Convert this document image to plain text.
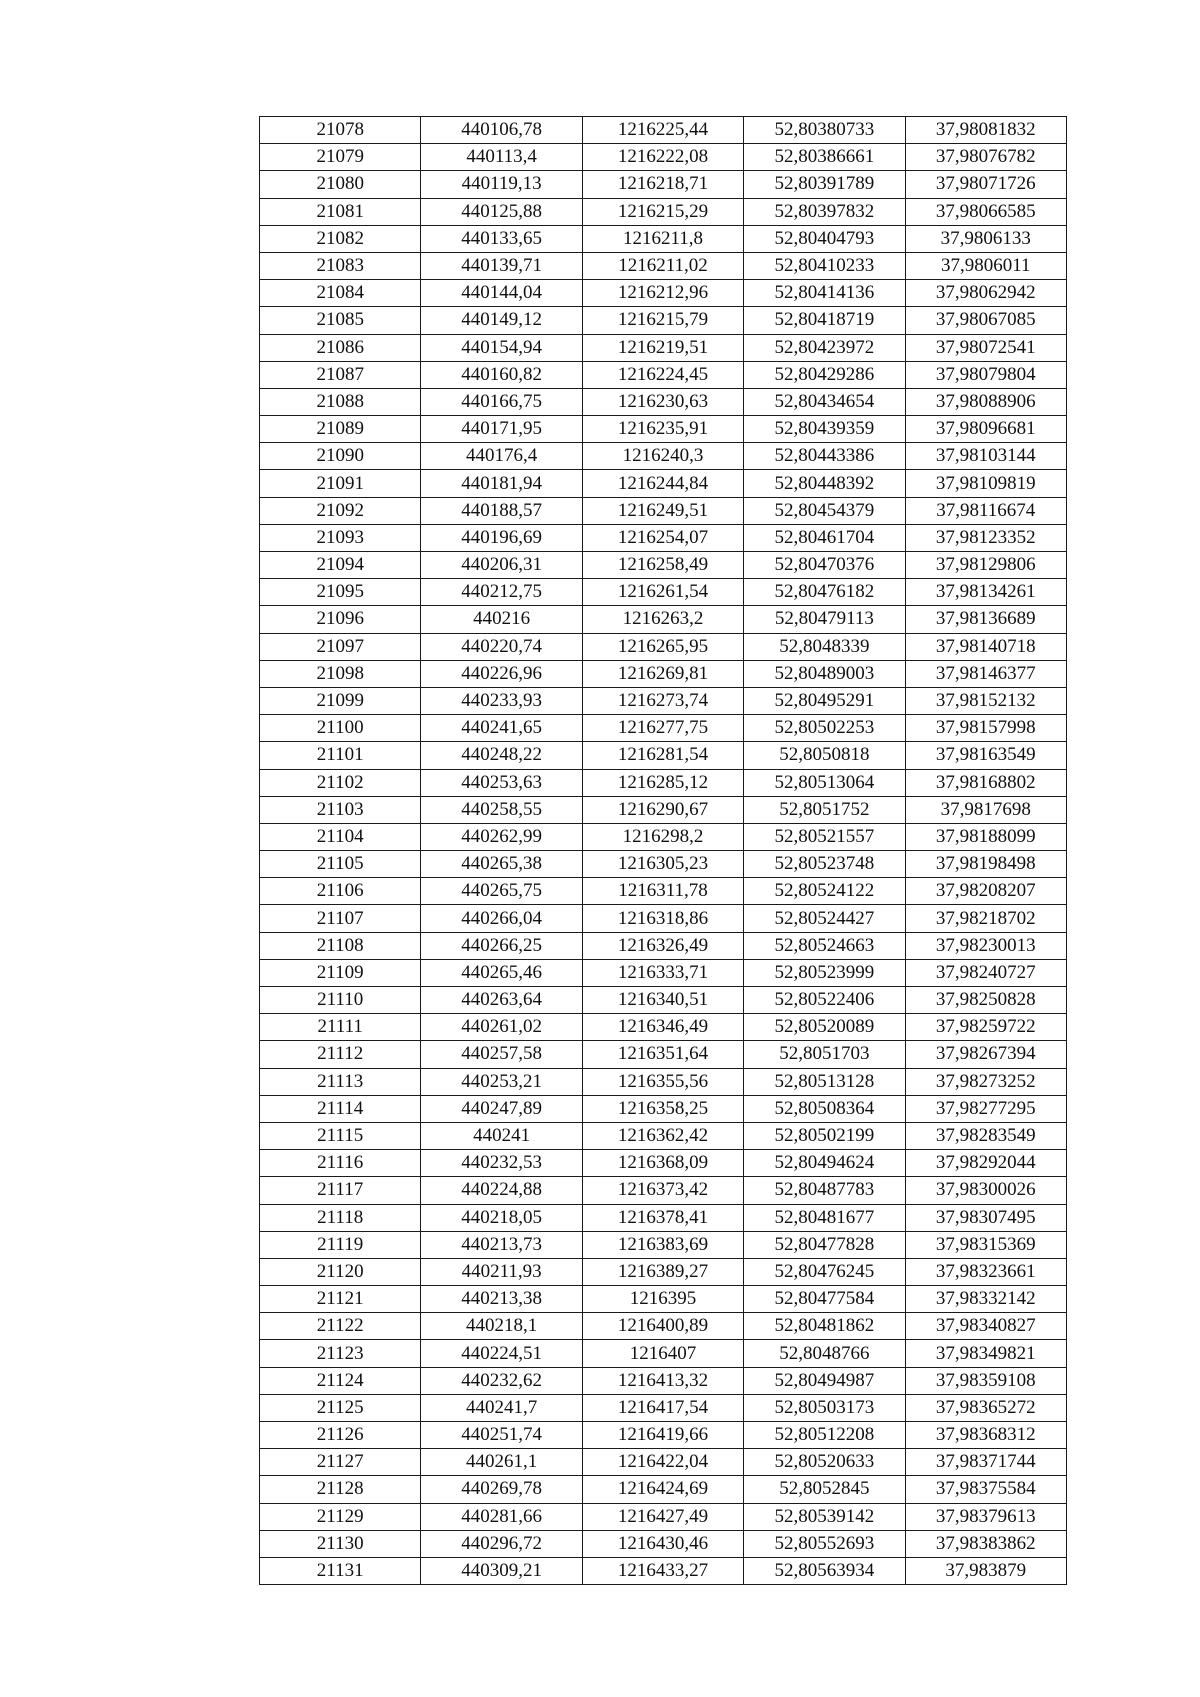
21078	440106,78	1216225,44	52,80380733	37,98081832
21079	440113,4	1216222,08	52,80386661	37,98076782
21080	440119,13	1216218,71	52,80391789	37,98071726
21081	440125,88	1216215,29	52,80397832	37,98066585
21082	440133,65	1216211,8	52,80404793	37,9806133
21083	440139,71	1216211,02	52,80410233	37,9806011
21084	440144,04	1216212,96	52,80414136	37,98062942
21085	440149,12	1216215,79	52,80418719	37,98067085
21086	440154,94	1216219,51	52,80423972	37,98072541
21087	440160,82	1216224,45	52,80429286	37,98079804
21088	440166,75	1216230,63	52,80434654	37,98088906
21089	440171,95	1216235,91	52,80439359	37,98096681
21090	440176,4	1216240,3	52,80443386	37,98103144
21091	440181,94	1216244,84	52,80448392	37,98109819
21092	440188,57	1216249,51	52,80454379	37,98116674
21093	440196,69	1216254,07	52,80461704	37,98123352
21094	440206,31	1216258,49	52,80470376	37,98129806
21095	440212,75	1216261,54	52,80476182	37,98134261
21096	440216	1216263,2	52,80479113	37,98136689
21097	440220,74	1216265,95	52,8048339	37,98140718
21098	440226,96	1216269,81	52,80489003	37,98146377
21099	440233,93	1216273,74	52,80495291	37,98152132
21100	440241,65	1216277,75	52,80502253	37,98157998
21101	440248,22	1216281,54	52,8050818	37,98163549
21102	440253,63	1216285,12	52,80513064	37,98168802
21103	440258,55	1216290,67	52,8051752	37,9817698
21104	440262,99	1216298,2	52,80521557	37,98188099
21105	440265,38	1216305,23	52,80523748	37,98198498
21106	440265,75	1216311,78	52,80524122	37,98208207
21107	440266,04	1216318,86	52,80524427	37,98218702
21108	440266,25	1216326,49	52,80524663	37,98230013
21109	440265,46	1216333,71	52,80523999	37,98240727
21110	440263,64	1216340,51	52,80522406	37,98250828
21111	440261,02	1216346,49	52,80520089	37,98259722
21112	440257,58	1216351,64	52,8051703	37,98267394
21113	440253,21	1216355,56	52,80513128	37,98273252
21114	440247,89	1216358,25	52,80508364	37,98277295
21115	440241	1216362,42	52,80502199	37,98283549
21116	440232,53	1216368,09	52,80494624	37,98292044
21117	440224,88	1216373,42	52,80487783	37,98300026
21118	440218,05	1216378,41	52,80481677	37,98307495
21119	440213,73	1216383,69	52,80477828	37,98315369
21120	440211,93	1216389,27	52,80476245	37,98323661
21121	440213,38	1216395	52,80477584	37,98332142
21122	440218,1	1216400,89	52,80481862	37,98340827
21123	440224,51	1216407	52,8048766	37,98349821
21124	440232,62	1216413,32	52,80494987	37,98359108
21125	440241,7	1216417,54	52,80503173	37,98365272
21126	440251,74	1216419,66	52,80512208	37,98368312
21127	440261,1	1216422,04	52,80520633	37,98371744
21128	440269,78	1216424,69	52,8052845	37,98375584
21129	440281,66	1216427,49	52,80539142	37,98379613
21130	440296,72	1216430,46	52,80552693	37,98383862
21131	440309,21	1216433,27	52,80563934	37,983879
